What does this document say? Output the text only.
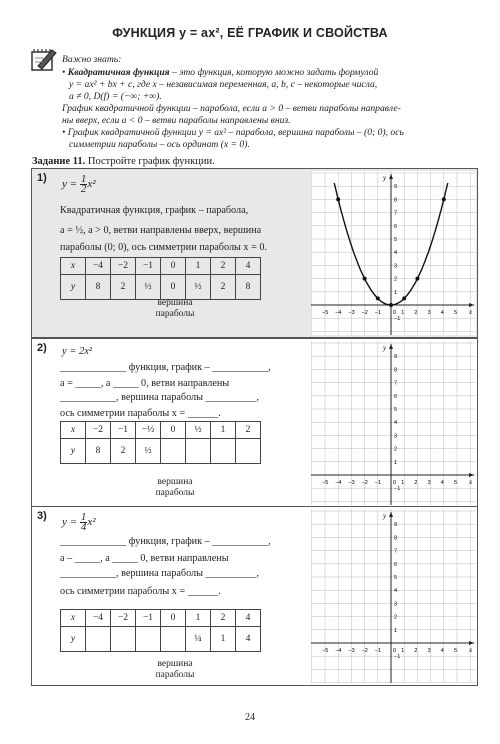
ФУНКЦИЯ y = ax², ЕЁ ГРАФИК И СВОЙСТВА
Важно знать:
• Квадратичная функция – это функция, которую можно задать формулой
y = ax² + bx + c, где x – независимая переменная, a, b, c – некоторые числа,
a ≠ 0, D(f) = (−∞; +∞).
График квадратичной функции – парабола, если a > 0 – ветви параболы направле-
ны вверх, если a < 0 – ветви параболы направлены вниз.
• График квадратичной функции y = ax² – парабола, вершина параболы – (0; 0), ось
симметрии параболы – ось ординат (x = 0).
Задание 11. Постройте график функции.
1)
$y = \frac{1}{2} x^2$
Квадратичная функция, график – парабола,
a = ½, a > 0, ветви направлены вверх, вершина
параболы (0; 0), ось симметрии параболы x = 0.
x	−4	−2	−1	0	1	2	4
y	8	2	½	0	½	2	8
вершина
параболы	x
y
−5 −4 −3 −2 −1 0 1 2 3 4 5
9
8
7
6
5
4
3
2
1
−1
2) y = 2x²
_____________ функция, график – ___________,
a = _____, a _____ 0, ветви направлены
___________, вершина параболы __________,
ось симметрии параболы x = ______.
x	−2	−1	−½	0	½	1	2
y	8	2	½				
вершина
параболы
x
y
−5 −4 −3 −2 −1 0 1 2 3 4 5
9
8
7
6
5
4
3
2
1
−1
3)
$y = \frac{1}{4} x^2$
_____________ функция, график – ___________,
a – _____, a _____ 0, ветви направлены
___________, вершина параболы __________,
ось симметрии параболы x = ______.
x	−4	−2	−1	0	1	2	4
y					¼	1	4
вершина
параболы
x
y
−5 −4 −3 −2 −1 0 1 2 3 4 5
9
8
7
6
5
4
3
2
1
−1
24
